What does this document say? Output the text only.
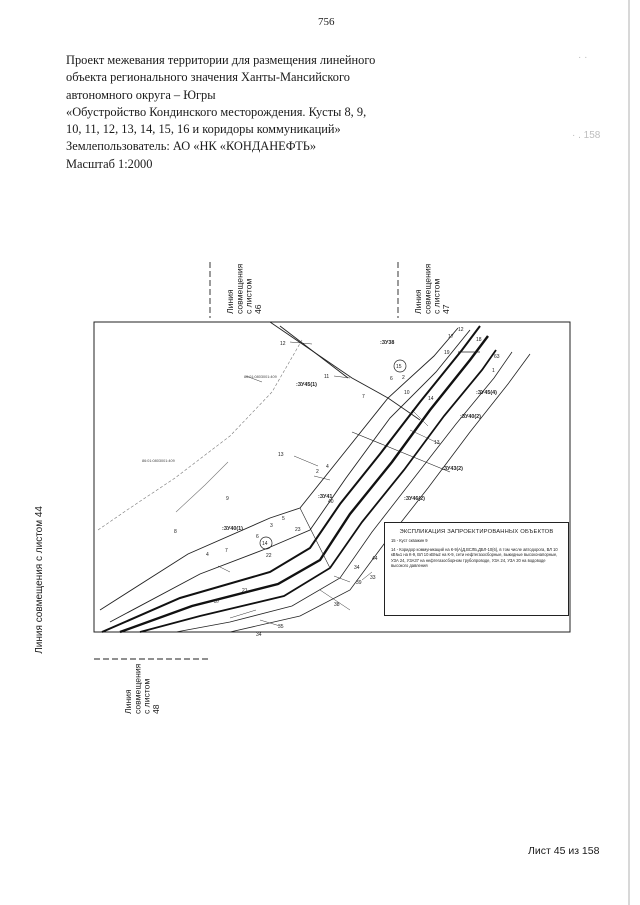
756
Проект межевания территории для размещения линейного
объекта регионального значения Ханты-Мансийского
автономного округа – Югры
«Обустройство Кондинского месторождения. Кусты 8, 9,
10, 11, 12, 13, 14, 15, 16 и коридоры коммуникаций»
Землепользователь: АО «НК «КОНДАНЕФТЬ»
Масштаб 1:2000
· ·
· . 158
Линия совмещения с листом 46	Линия совмещения с листом 47
Линия совмещения с листом 44
Линия совмещения с листом 48
:ЗУ38
:ЗУ45(1)
:ЗУ45(4)
:ЗУ40(2)
:ЗУ43(2)
:ЗУ46(2)
:ЗУ41
:ЗУ40(1)
86:01:0803001:409
86:01:0803001:409
15
14
12
17	18
19
63
1
6 2
7
10
11
14
13
4
2
3
40
9
5
6
8
7
23
22
21
37	38
39
33
44
34
35
34
12
13
4
ЭКСПЛИКАЦИЯ ЗАПРОЕКТИРОВАННЫХ ОБЪЕКТОВ
15 - Куст скважин 9
14 - Коридор коммуникаций на К-9(А)Д,ВСЛБ,ДБЛ-10(6), в том числе автодорога, ВЛ 10 кВ№1 на К-9, ВЛ 10 кВ№2 на К-9, сети нефтегазосборные, выкидные высоконапорные, УЗА 24, УЗА37 на нефтегазосборном трубопроводе, УЗА 24, УЗА 20 на водоводе высокого давления
Лист 45 из 158
